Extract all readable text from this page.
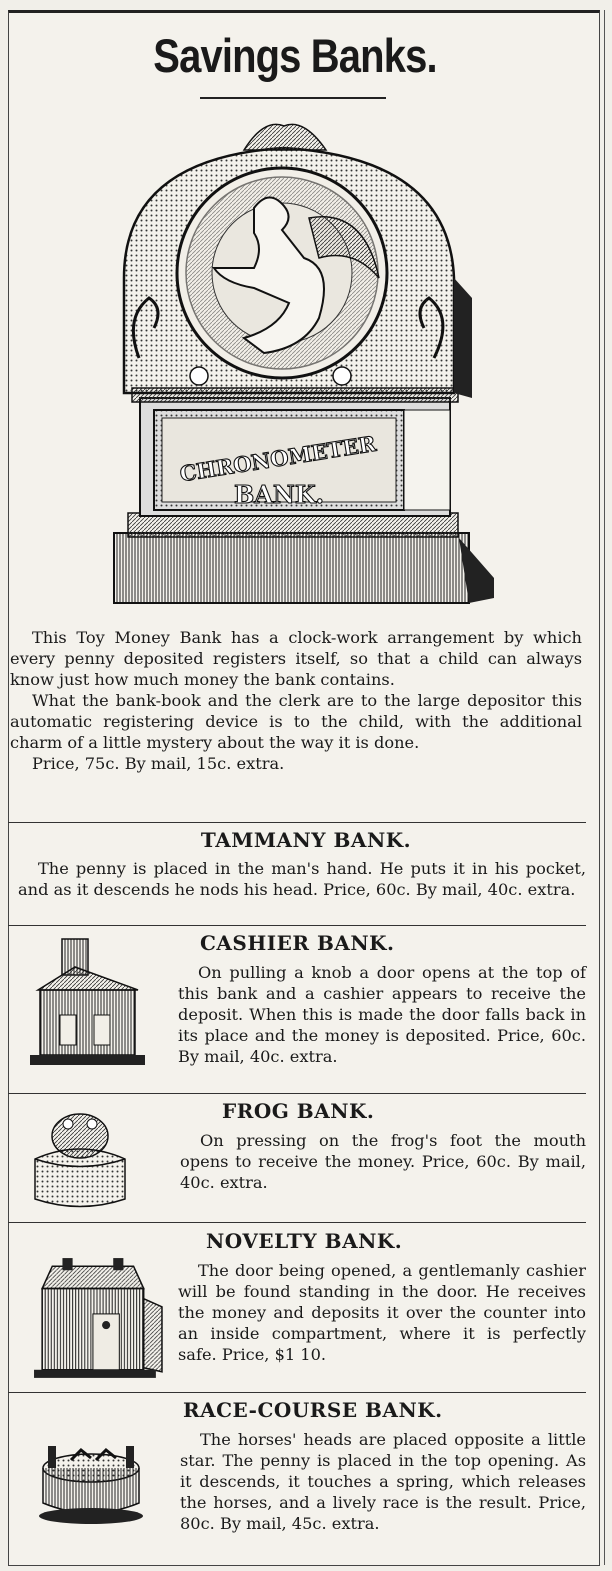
Savings Banks.
CHRONOMETER
BANK.

This Toy Money Bank has a clock-work arrangement by which every penny deposited registers itself, so that a child can always know just how much money the bank contains.

What the bank-book and the clerk are to the large depositor this automatic registering device is to the child, with the additional charm of a little mystery about the way it is done.

Price, 75c. By mail, 15c. extra.

TAMMANY BANK.

The penny is placed in the man's hand. He puts it in his pocket, and as it descends he nods his head. Price, 60c. By mail, 40c. extra.

CASHIER BANK.

On pulling a knob a door opens at the top of this bank and a cashier appears to receive the deposit. When this is made the door falls back in its place and the money is deposited. Price, 60c. By mail, 40c. extra.

FROG BANK.

On pressing on the frog's foot the mouth opens to receive the money. Price, 60c. By mail, 40c. extra.

NOVELTY BANK.

The door being opened, a gentlemanly cashier will be found standing in the door. He receives the money and deposits it over the counter into an inside compartment, where it is perfectly safe. Price, $1 10.

RACE-COURSE BANK.

The horses' heads are placed opposite a little star. The penny is placed in the top opening. As it descends, it touches a spring, which releases the horses, and a lively race is the result. Price, 80c. By mail, 45c. extra.
